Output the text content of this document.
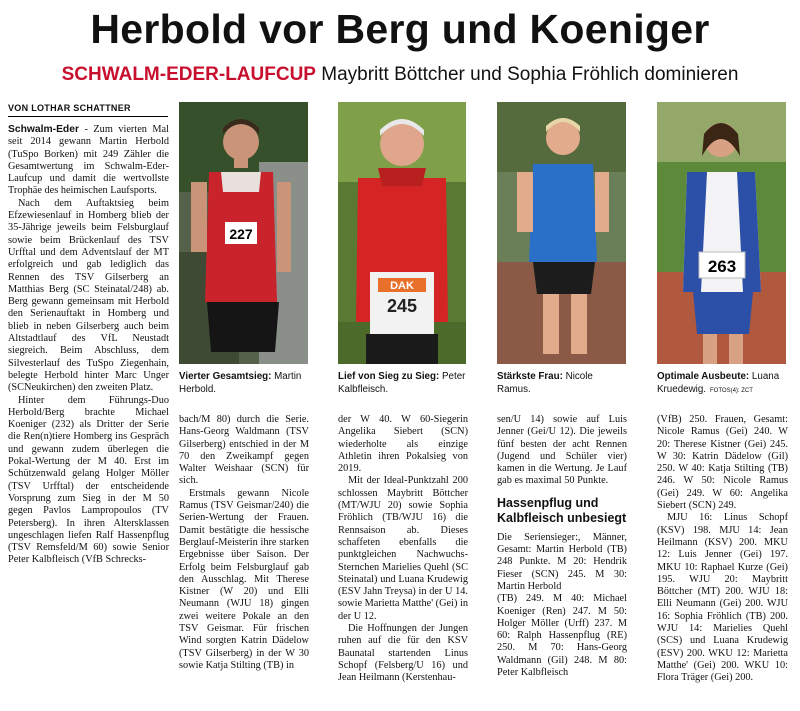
Herbold vor Berg und Koeniger
SCHWALM-EDER-LAUFCUP Maybritt Böttcher und Sophia Fröhlich dominieren
VON LOTHAR SCHATTNER

Schwalm-Eder - Zum vierten Mal seit 2014 gewann Martin Herbold (TuSpo Borken) mit 249 Zähler die Gesamtwertung im Schwalm-Eder-Laufcup und damit die wertvollste Trophäe des heimischen Laufsports.

Nach dem Auftaktsieg beim Efzewiesenlauf in Homberg blieb der 35-Jährige jeweils beim Felsburglauf sowie beim Brückenlauf des TSV Urfftal und dem Adventslauf der MT erfolgreich und gab lediglich das Rennen des TSV Gilserberg an Matthias Berg (SC Steinatal/248) ab. Berg gewann gemeinsam mit Herbold den Serienauftakt in Homberg und blieb in neben Gilserberg auch beim Altstadtlauf des VfL Neustadt siegreich. Beim Abschluss, dem Silvesterlauf des TuSpo Ziegenhain, belegte Herbold hinter Marc Unger (SCNeukirchen) den zweiten Platz.

Hinter dem Führungs-Duo Herbold/Berg brachte Michael Koeniger (232) als Dritter der Serie die Ren(n)tiere Homberg ins Gespräch und gewann zudem überlegen die Pokal-Wertung der M 40. Erst im Schützenwald gelang Holger Möller (TSV Urfftal) der entscheidende Vorsprung zum Sieg in der M 50 gegen Pavlos Lampropoulos (TV Petersberg). In ihren Altersklassen ungeschlagen liefen Ralf Hassenpflug (TSV Remsfeld/M 60) sowie Senior Peter Kalbfleisch (VfB Schrecks-

227
Vierter Gesamtsieg: Martin Herbold.
DAK
245
Lief von Sieg zu Sieg: Peter Kalbfleisch.
Stärkste Frau: Nicole Ramus.
263
Optimale Ausbeute: Luana Kruedewig. FOTOS(4): ZCT

bach/M 80) durch die Serie. Hans-Georg Waldmann (TSV Gilserberg) entschied in der M 70 den Zweikampf gegen Walter Weishaar (SCN) für sich.

Erstmals gewann Nicole Ramus (TSV Geismar/240) die Serien-Wertung der Frauen. Damit bestätigte die hessische Berglauf-Meisterin ihre starken Ergebnisse über Saison. Der Erfolg beim Felsburglauf gab den Ausschlag. Mit Therese Kistner (W 20) und Elli Neumann (WJU 18) gingen zwei weitere Pokale an den TSV Geismar. Für frischen Wind sorgten Katrin Dädelow (TSV Gilserberg) in der W 30 sowie Katja Stilting (TB) in

der W 40. W 60-Siegerin Angelika Siebert (SCN) wiederholte als einzige Athletin ihren Pokalsieg von 2019.

Mit der Ideal-Punktzahl 200 schlossen Maybritt Böttcher (MT/WJU 20) sowie Sophia Fröhlich (TB/WJU 16) die Rennsaison ab. Dieses schaffeten ebenfalls die punktgleichen Nachwuchs-Sternchen Marielies Quehl (SC Steinatal) und Luana Krudewig (ESV Jahn Treysa) in der U 14. sowie Marietta Matthe' (Gei) in der U 12.

Die Hoffnungen der Jungen ruhen auf die für den KSV Baunatal startenden Linus Schopf (Felsberg/U 16) und Jean Heilmann (Kerstenhau-

sen/U 14) sowie auf Luis Jenner (Gei/U 12). Die jeweils fünf besten der acht Rennen (Jugend und Schüler vier) kamen in die Wertung. Je Lauf gab es maximal 50 Punkte.

Hassenpflug und Kalbfleisch unbesiegt

Die Seriensieger:, Männer, Gesamt: Martin Herbold (TB) 248 Punkte. M 20: Hendrik Fieser (SCN) 245. M 30: Martin Herbold

(TB) 249. M 40: Michael Koeniger (Ren) 247. M 50: Holger Möller (Urff) 237. M 60: Ralph Hassenpflug (RE) 250. M 70: Hans-Georg Waldmann (Gil) 248. M 80: Peter Kalbfleisch

(VfB) 250. Frauen, Gesamt: Nicole Ramus (Gei) 240. W 20: Therese Kistner (Gei) 245. W 30: Katrin Dädelow (Gil) 250. W 40: Katja Stilting (TB) 246. W 50: Nicole Ramus (Gei) 249. W 60: Angelika Siebert (SCN) 249.

MJU 16: Linus Schopf (KSV) 198. MJU 14: Jean Heilmann (KSV) 200. MKU 12: Luis Jenner (Gei) 197. MKU 10: Raphael Kurze (Gei) 195. WJU 20: Maybritt Böttcher (MT) 200. WJU 18: Elli Neumann (Gei) 200. WJU 16: Sophia Fröhlich (TB) 200. WJU 14: Marielies Quehl (SCS) und Luana Krudewig (ESV) 200. WKU 12: Marietta Matthe' (Gei) 200. WKU 10: Flora Träger (Gei) 200.
